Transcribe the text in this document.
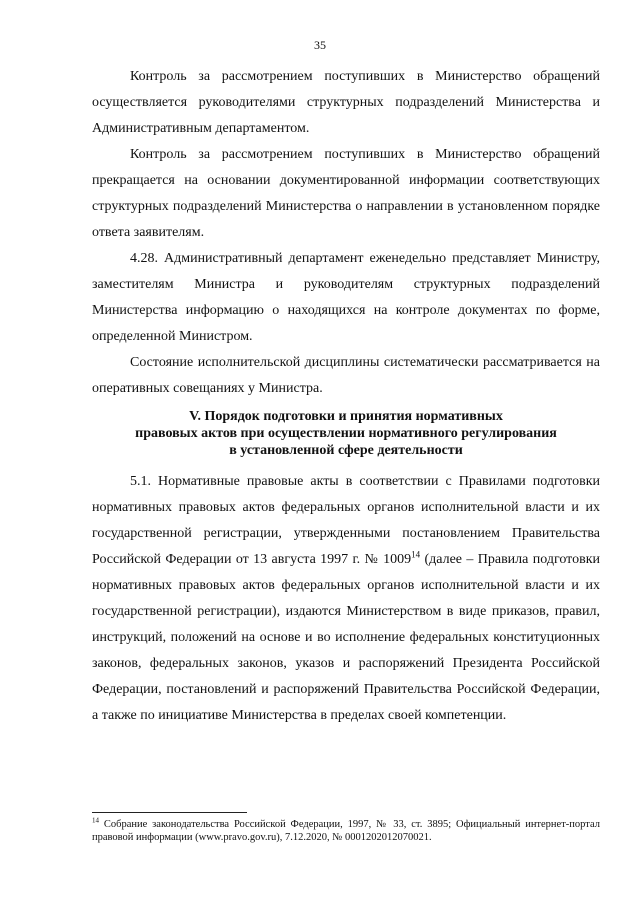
35

Контроль за рассмотрением поступивших в Министерство обращений осуществляется руководителями структурных подразделений Министерства и Административным департаментом.

Контроль за рассмотрением поступивших в Министерство обращений прекращается на основании документированной информации соответствующих структурных подразделений Министерства о направлении в установленном порядке ответа заявителям.

4.28. Административный департамент еженедельно представляет Министру, заместителям Министра и руководителям структурных подразделений Министерства информацию о находящихся на контроле документах по форме, определенной Министром.

Состояние исполнительской дисциплины систематически рассматривается на оперативных совещаниях у Министра.

V. Порядок подготовки и принятия нормативных
правовых актов при осуществлении нормативного регулирования
в установленной сфере деятельности

5.1. Нормативные правовые акты в соответствии с Правилами подготовки нормативных правовых актов федеральных органов исполнительной власти и их государственной регистрации, утвержденными постановлением Правительства Российской Федерации от 13 августа 1997 г. № 1009$^{14}$ (далее – Правила подготовки нормативных правовых актов федеральных органов исполнительной власти и их государственной регистрации), издаются Министерством в виде приказов, правил, инструкций, положений на основе и во исполнение федеральных конституционных законов, федеральных законов, указов и распоряжений Президента Российской Федерации, постановлений и распоряжений Правительства Российской Федерации, а также по инициативе Министерства в пределах своей компетенции.

$^{14}$ Собрание законодательства Российской Федерации, 1997, № 33, ст. 3895; Официальный интернет-портал правовой информации (www.pravo.gov.ru), 7.12.2020, № 0001202012070021.
